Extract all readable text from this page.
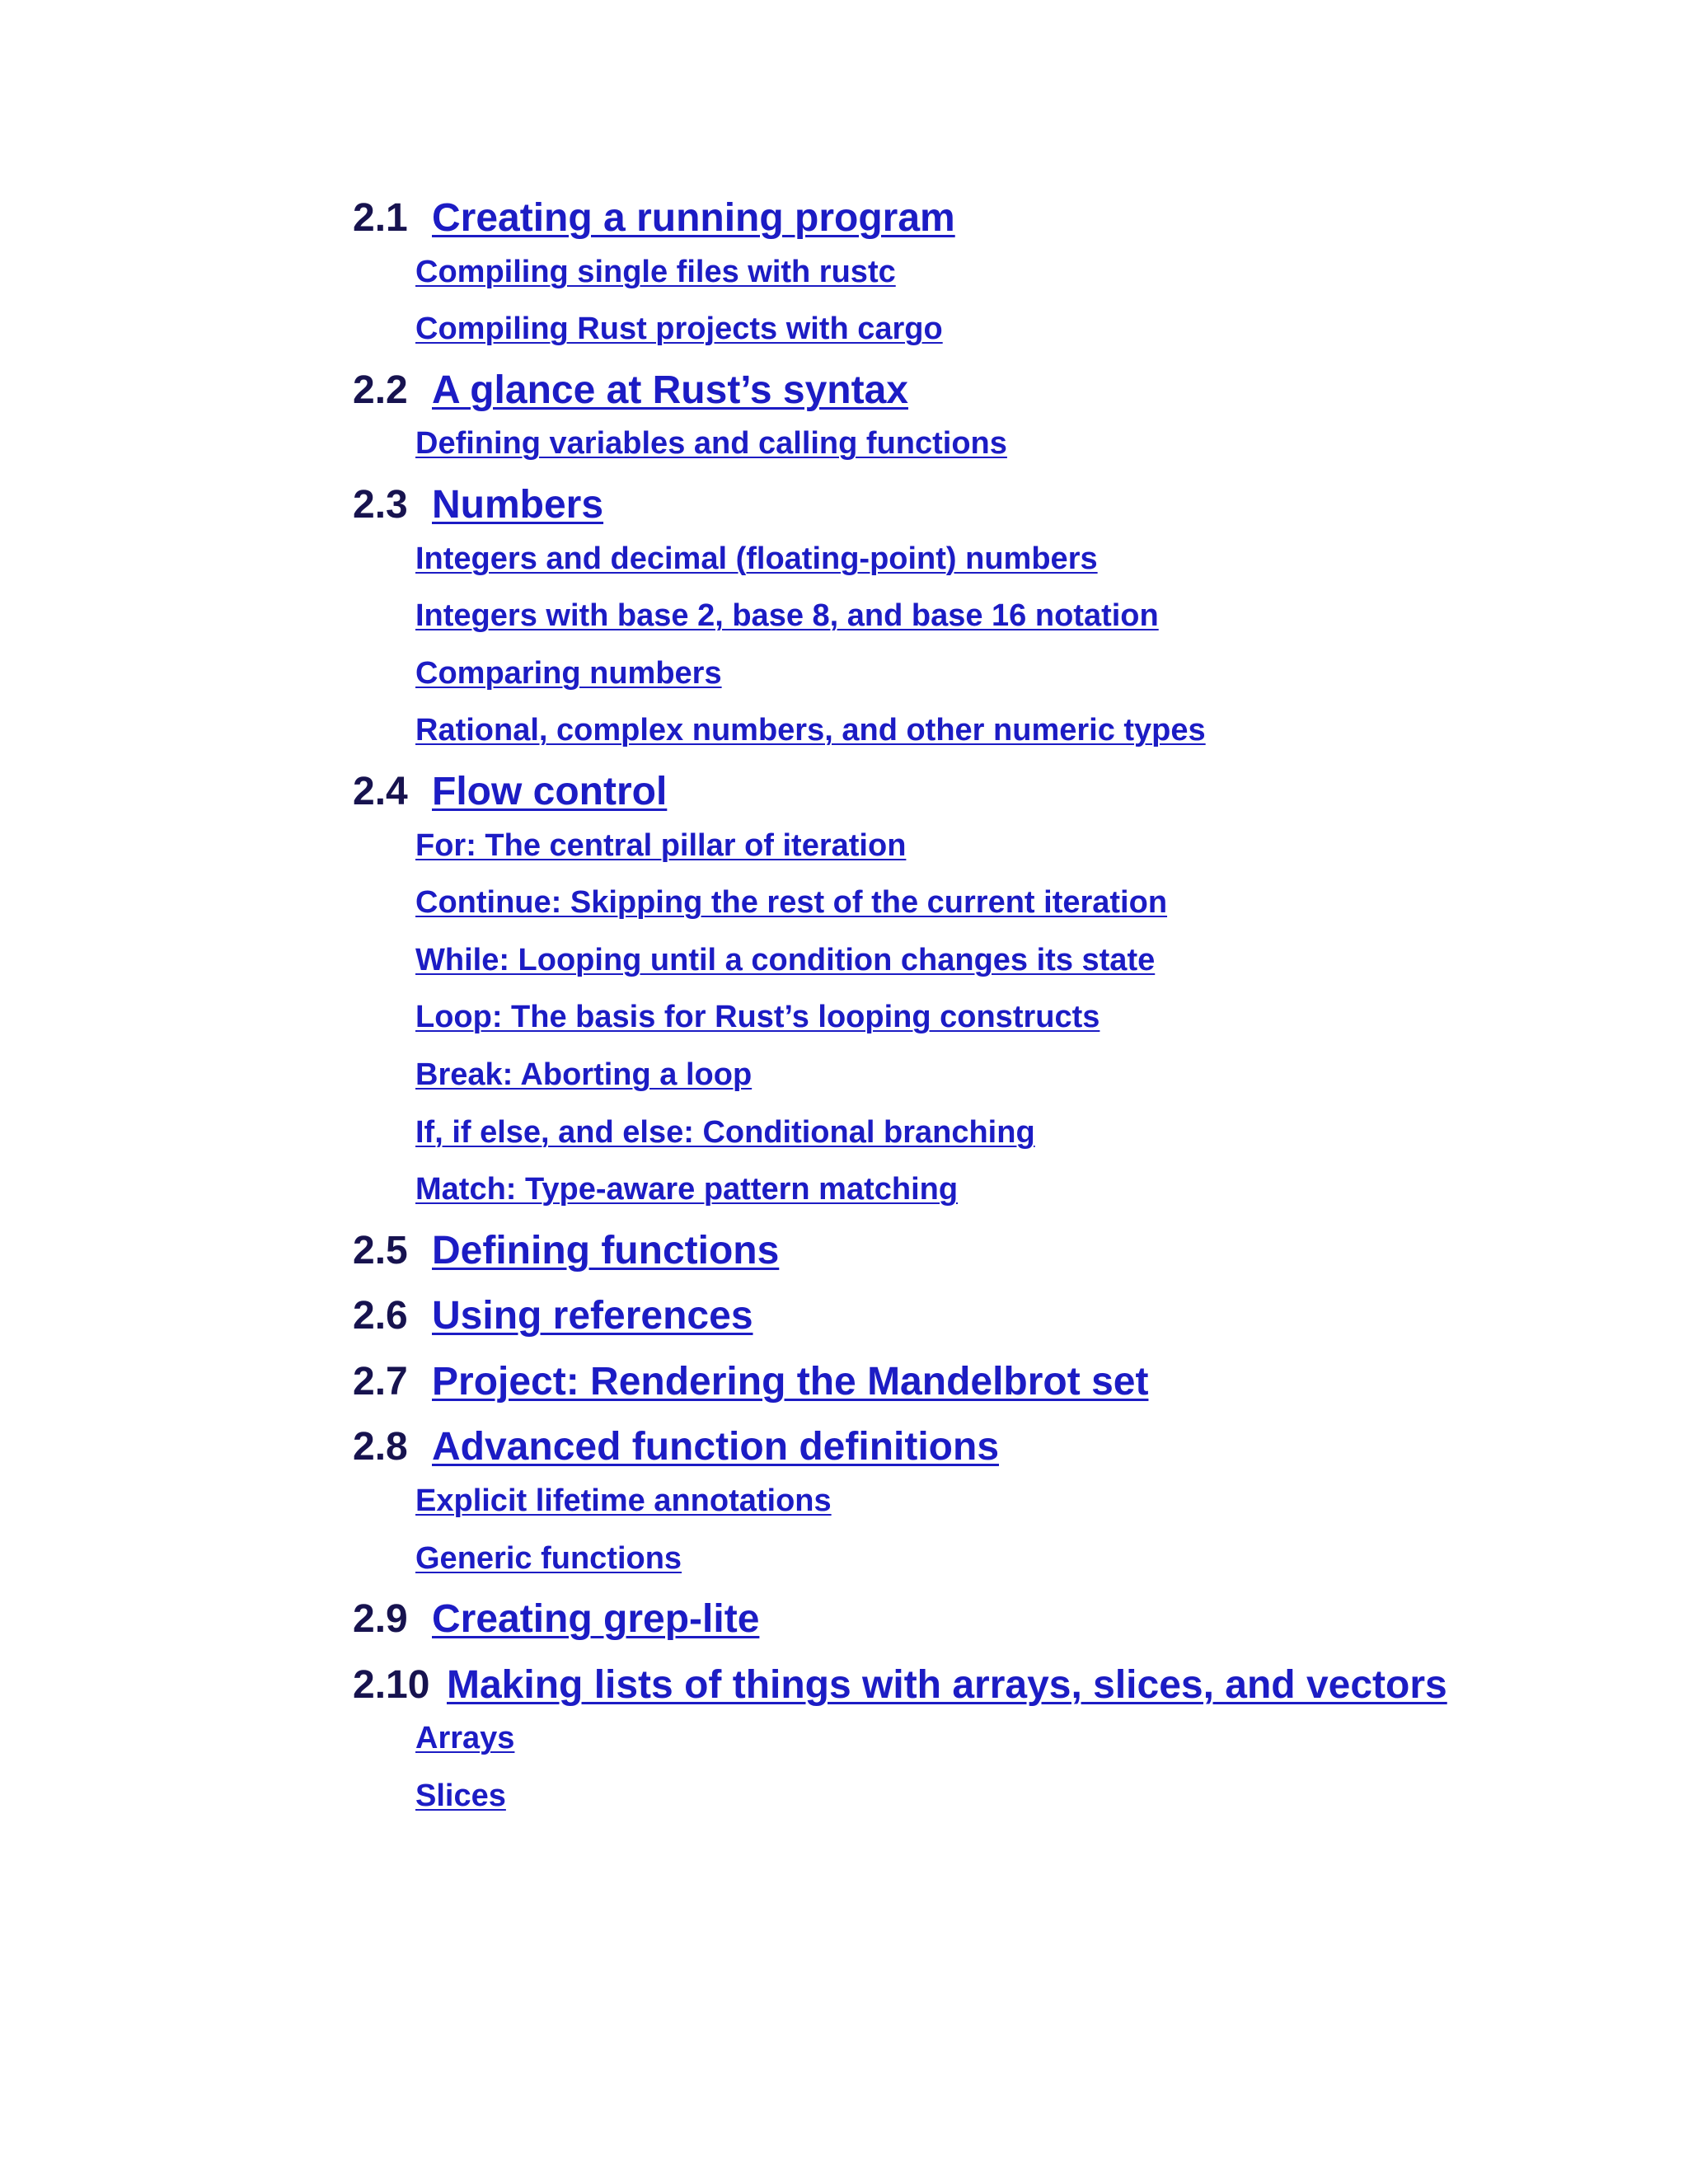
2.1 Creating a running program
Compiling single files with rustc
Compiling Rust projects with cargo
2.2 A glance at Rust’s syntax
Defining variables and calling functions
2.3 Numbers
Integers and decimal (floating-point) numbers
Integers with base 2, base 8, and base 16 notation
Comparing numbers
Rational, complex numbers, and other numeric types
2.4 Flow control
For: The central pillar of iteration
Continue: Skipping the rest of the current iteration
While: Looping until a condition changes its state
Loop: The basis for Rust’s looping constructs
Break: Aborting a loop
If, if else, and else: Conditional branching
Match: Type-aware pattern matching
2.5 Defining functions
2.6 Using references
2.7 Project: Rendering the Mandelbrot set
2.8 Advanced function definitions
Explicit lifetime annotations
Generic functions
2.9 Creating grep-lite
2.10 Making lists of things with arrays, slices, and vectors
Arrays
Slices
